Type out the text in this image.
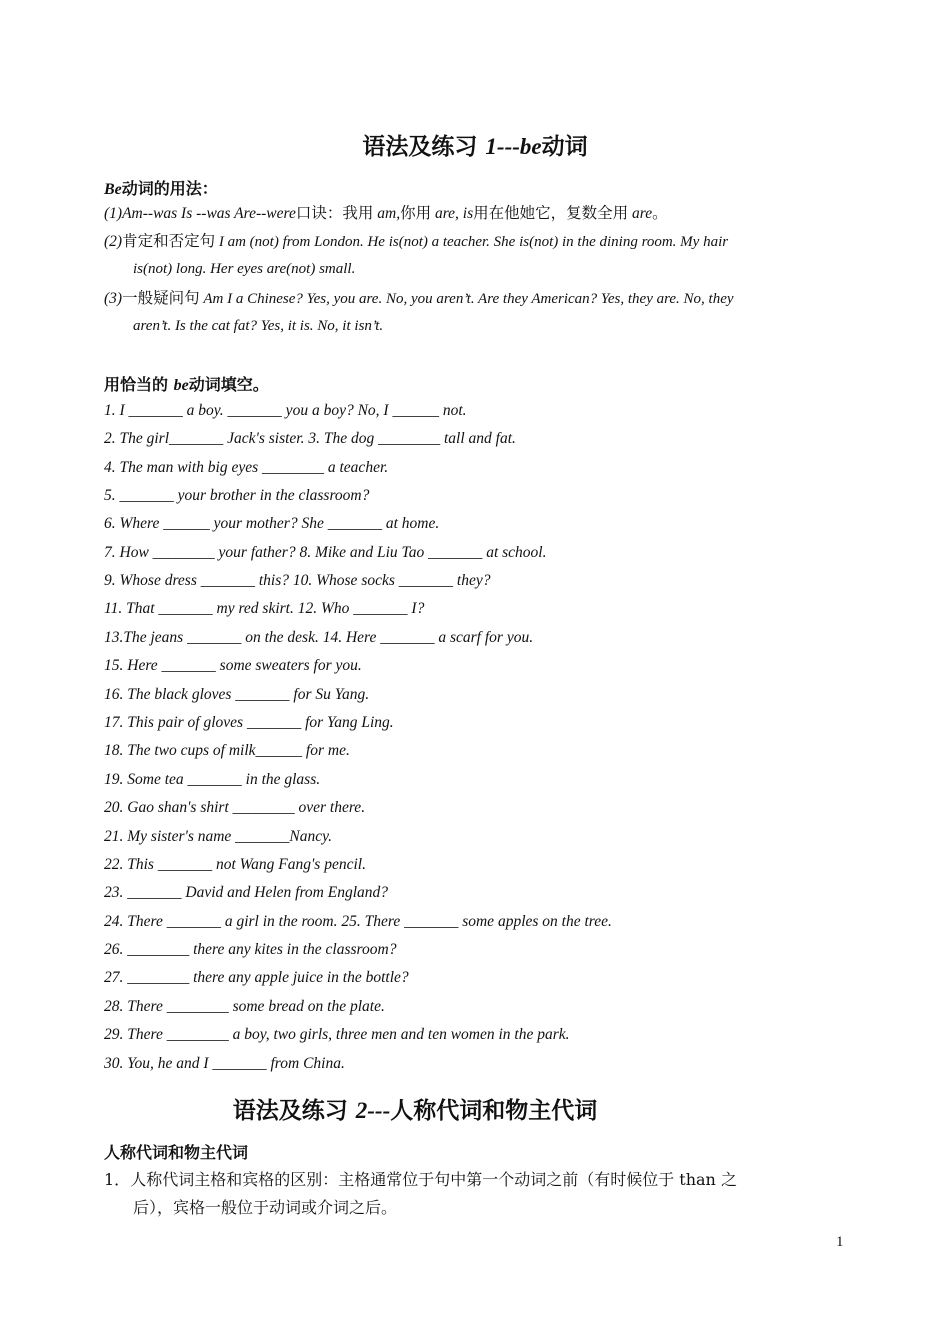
语法及练习 1---be动词
Be动词的用法：
(1)Am--was Is --was Are--were口诀：我用 am,你用 are, is用在他她它，复数全用 are。
(2)肯定和否定句 I am (not) from London. He is(not) a teacher. She is(not) in the dining room. My hair
is(not) long. Her eyes are(not) small.
(3)一般疑问句 Am I a Chinese? Yes, you are. No, you aren’t. Are they American? Yes, they are. No, they
aren’t. Is the cat fat? Yes, it is. No, it isn’t.
用恰当的 be动词填空。
1. I _______ a boy. _______ you a boy? No, I ______ not.
2. The girl_______ Jack's sister. 3. The dog ________ tall and fat.
4. The man with big eyes ________ a teacher.
5. _______ your brother in the classroom?
6. Where ______ your mother? She _______ at home.
7. How ________ your father? 8. Mike and Liu Tao _______ at school.
9. Whose dress _______ this? 10. Whose socks _______ they?
11. That _______ my red skirt. 12. Who _______ I?
13.The jeans _______ on the desk. 14. Here _______ a scarf for you.
15. Here _______ some sweaters for you.
16. The black gloves _______ for Su Yang.
17. This pair of gloves _______ for Yang Ling.
18. The two cups of milk______ for me.
19. Some tea _______ in the glass.
20. Gao shan's shirt ________ over there.
21. My sister's name _______Nancy.
22. This _______ not Wang Fang's pencil.
23. _______ David and Helen from England?
24. There _______ a girl in the room. 25. There _______ some apples on the tree.
26. ________ there any kites in the classroom?
27. ________ there any apple juice in the bottle?
28. There ________ some bread on the plate.
29. There ________ a boy, two girls, three men and ten women in the park.
30. You, he and I _______ from China.
语法及练习 2---人称代词和物主代词
人称代词和物主代词
1．人称代词主格和宾格的区别：主格通常位于句中第一个动词之前（有时候位于 than 之
后），宾格一般位于动词或介词之后。
1
